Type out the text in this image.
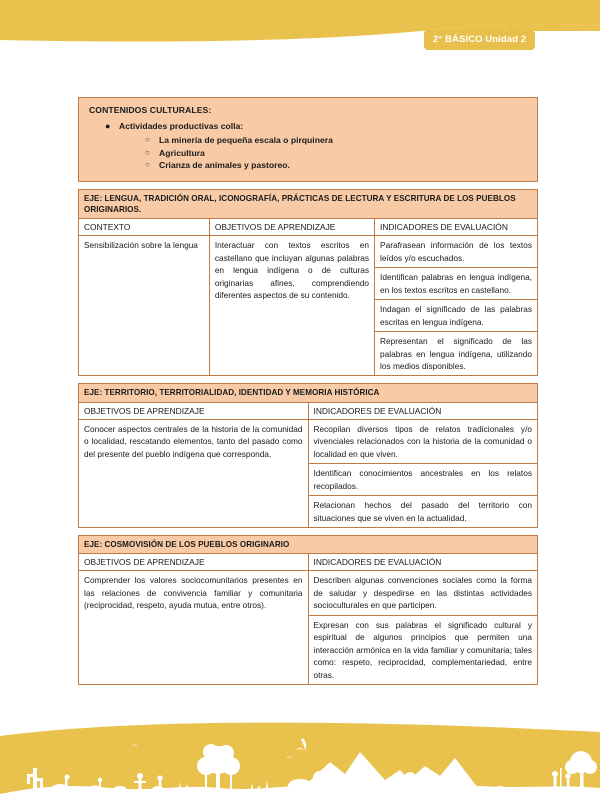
2° BÁSICO Unidad 2
CONTENIDOS CULTURALES:
● Actividades productivas colla:
○ La minería de pequeña escala o pirquinera
○ Agricultura
○ Crianza de animales y pastoreo.
EJE: LENGUA, TRADICIÓN ORAL, ICONOGRAFÍA, PRÁCTICAS DE LECTURA Y ESCRITURA DE LOS PUEBLOS ORIGINARIOS.		
CONTEXTO	OBJETIVOS DE APRENDIZAJE	INDICADORES DE EVALUACIÓN
Sensibilización sobre la lengua	Interactuar con textos escritos en castellano que incluyan algunas palabras en lengua indígena o de culturas originarias afines, comprendiendo diferentes aspectos de su contenido.	Parafrasean información de los textos leídos y/o escuchados.
		Identifican palabras en lengua indígena, en los textos escritos en castellano.
		Indagan el significado de las palabras escritas en lengua indígena.
		Representan el significado de las palabras en lengua indígena, utilizando los medios disponibles.
EJE: TERRITORIO, TERRITORIALIDAD, IDENTIDAD Y MEMORIA HISTÓRICA	
OBJETIVOS DE APRENDIZAJE	INDICADORES DE EVALUACIÓN
Conocer aspectos centrales de la historia de la comunidad o localidad, rescatando elementos, tanto del pasado como del presente del pueblo indígena que corresponda.	Recopilan diversos tipos de relatos tradicionales y/o vivenciales relacionados con la historia de la comunidad o localidad en que viven.
	Identifican conocimientos ancestrales en los relatos recopilados.
	Relacionan hechos del pasado del territorio con situaciones que se viven en la actualidad.
EJE: COSMOVISIÓN DE LOS PUEBLOS ORIGINARIO	
OBJETIVOS DE APRENDIZAJE	INDICADORES DE EVALUACIÓN
Comprender los valores sociocomunitarios presentes en las relaciones de convivencia familiar y comunitaria (reciprocidad, respeto, ayuda mutua, entre otros).	Describen algunas convenciones sociales como la forma de saludar y despedirse en las distintas actividades socioculturales en que participen.
	Expresan con sus palabras el significado cultural y espiritual de algunos principios que permiten una interacción armónica en la vida familiar y comunitaria; tales como: respeto, reciprocidad, complementariedad, entre otras.
